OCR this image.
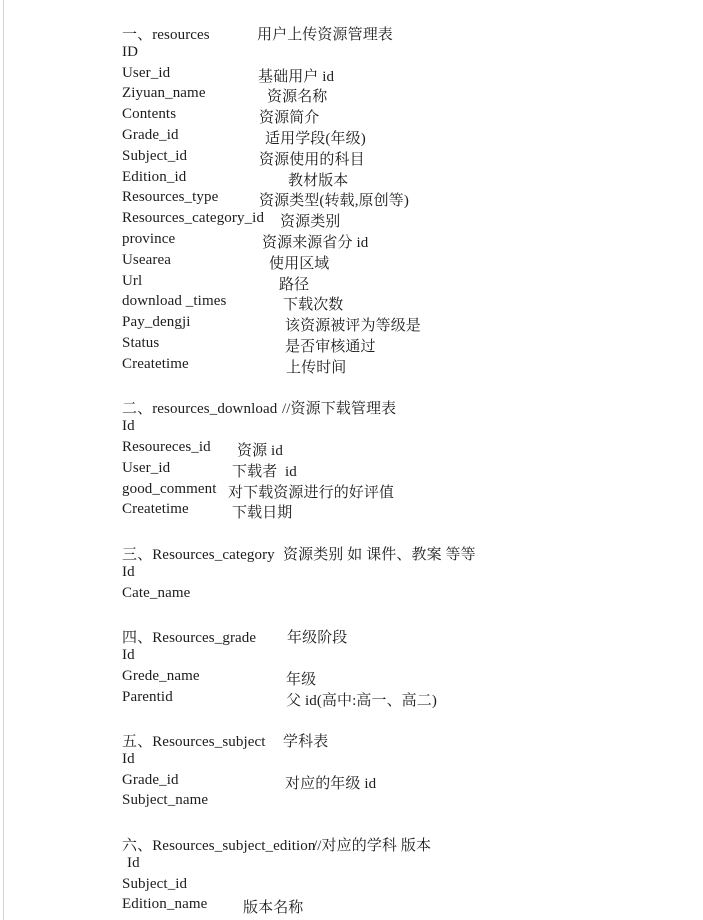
一、resources	用户上传资源管理表
ID
User_id	基础用户 id
Ziyuan_name	资源名称
Contents	资源简介
Grade_id	适用学段(年级)
Subject_id	资源使用的科目
Edition_id	教材版本
Resources_type	资源类型(转载,原创等)
Resources_category_id 资源类别
province	资源来源省分 id
Usearea	使用区域
Url	路径
download _times	下载次数
Pay_dengji	该资源被评为等级是
Status	是否审核通过
Createtime	上传时间
二、resources_download //资源下载管理表
Id
Resoureces_id 资源 id
User_id	下载者  id
good_comment 对下载资源进行的好评值
Createtime	下载日期
三、Resources_category 资源类别 如 课件、教案 等等
Id
Cate_name
四、Resources_grade 年级阶段
Id
Grede_name	年级
Parentid	父 id(高中:高一、高二)
五、Resources_subject 学科表
Id
Grade_id	对应的年级 id
Subject_name
六、Resources_subject_edition
//对应的学科 版本
Id
Subject_id
Edition_name 版本名称
